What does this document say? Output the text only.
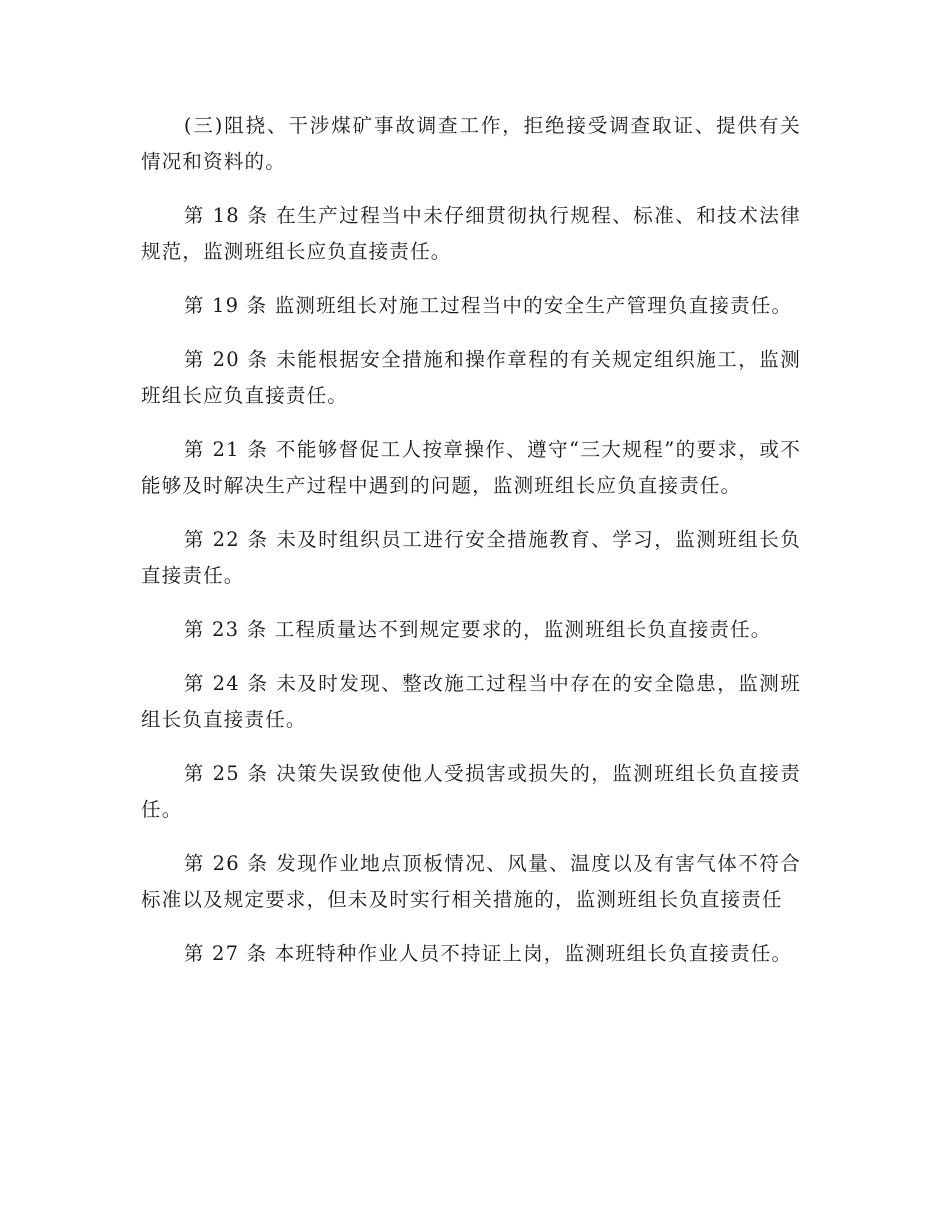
(三)阻挠、干涉煤矿事故调查工作，拒绝接受调查取证、提供有关情况和资料的。

第 18 条 在生产过程当中未仔细贯彻执行规程、标准、和技术法律规范，监测班组长应负直接责任。

第 19 条 监测班组长对施工过程当中的安全生产管理负直接责任。

第 20 条 未能根据安全措施和操作章程的有关规定组织施工，监测班组长应负直接责任。

第 21 条 不能够督促工人按章操作、遵守“三大规程”的要求，或不能够及时解决生产过程中遇到的问题，监测班组长应负直接责任。

第 22 条 未及时组织员工进行安全措施教育、学习，监测班组长负直接责任。

第 23 条 工程质量达不到规定要求的，监测班组长负直接责任。

第 24 条 未及时发现、整改施工过程当中存在的安全隐患，监测班组长负直接责任。

第 25 条 决策失误致使他人受损害或损失的，监测班组长负直接责任。

第 26 条 发现作业地点顶板情况、风量、温度以及有害气体不符合标准以及规定要求，但未及时实行相关措施的，监测班组长负直接责任

第 27 条 本班特种作业人员不持证上岗，监测班组长负直接责任。
